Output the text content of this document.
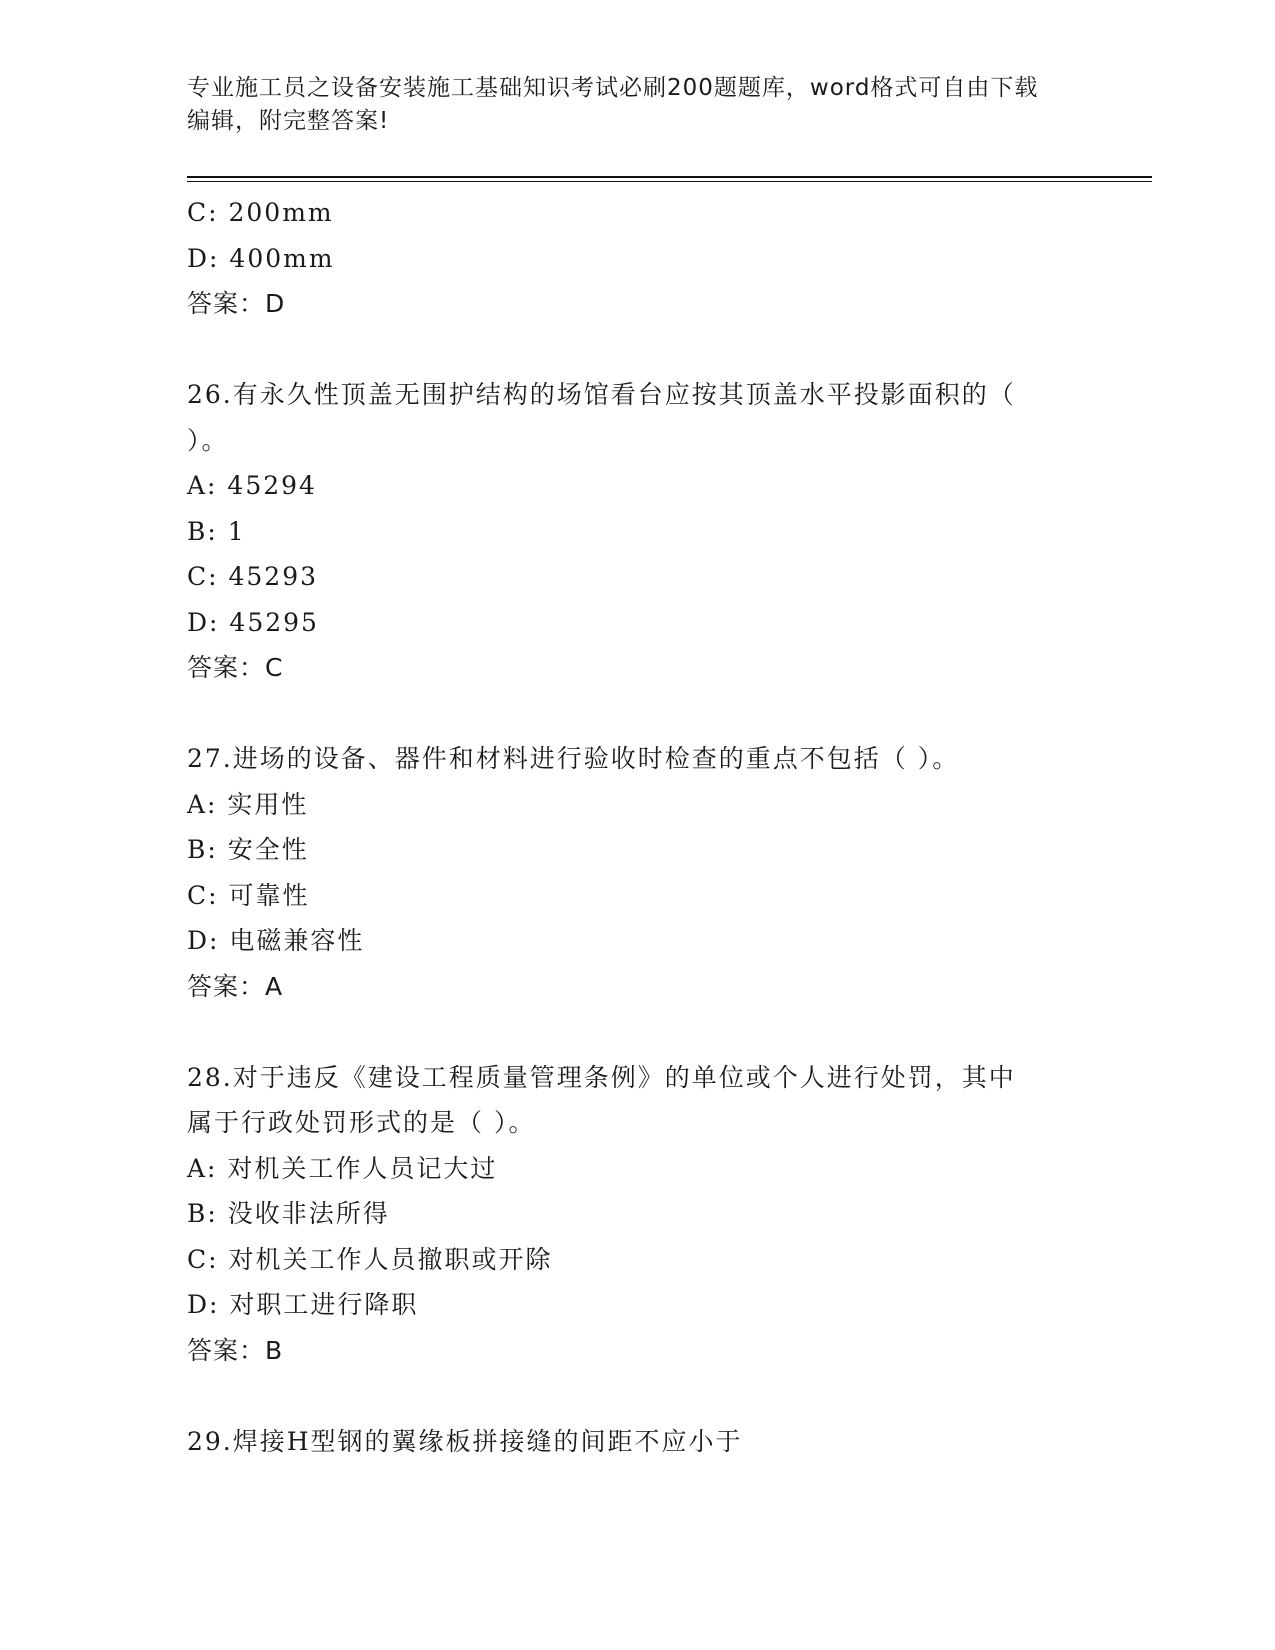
专业施工员之设备安装施工基础知识考试必刷200题题库，word格式可自由下载
编辑，附完整答案!
C: 200mm
D: 400mm
答案：D
26.有永久性顶盖无围护结构的场馆看台应按其顶盖水平投影面积的（
）。
A: 45294
B: 1
C: 45293
D: 45295
答案：C
27.进场的设备、器件和材料进行验收时检查的重点不包括（ ）。
A: 实用性
B: 安全性
C: 可靠性
D: 电磁兼容性
答案：A
28.对于违反《建设工程质量管理条例》的单位或个人进行处罚，其中
属于行政处罚形式的是（ ）。
A: 对机关工作人员记大过
B: 没收非法所得
C: 对机关工作人员撤职或开除
D: 对职工进行降职
答案：B
29.焊接H型钢的翼缘板拼接缝的间距不应小于
